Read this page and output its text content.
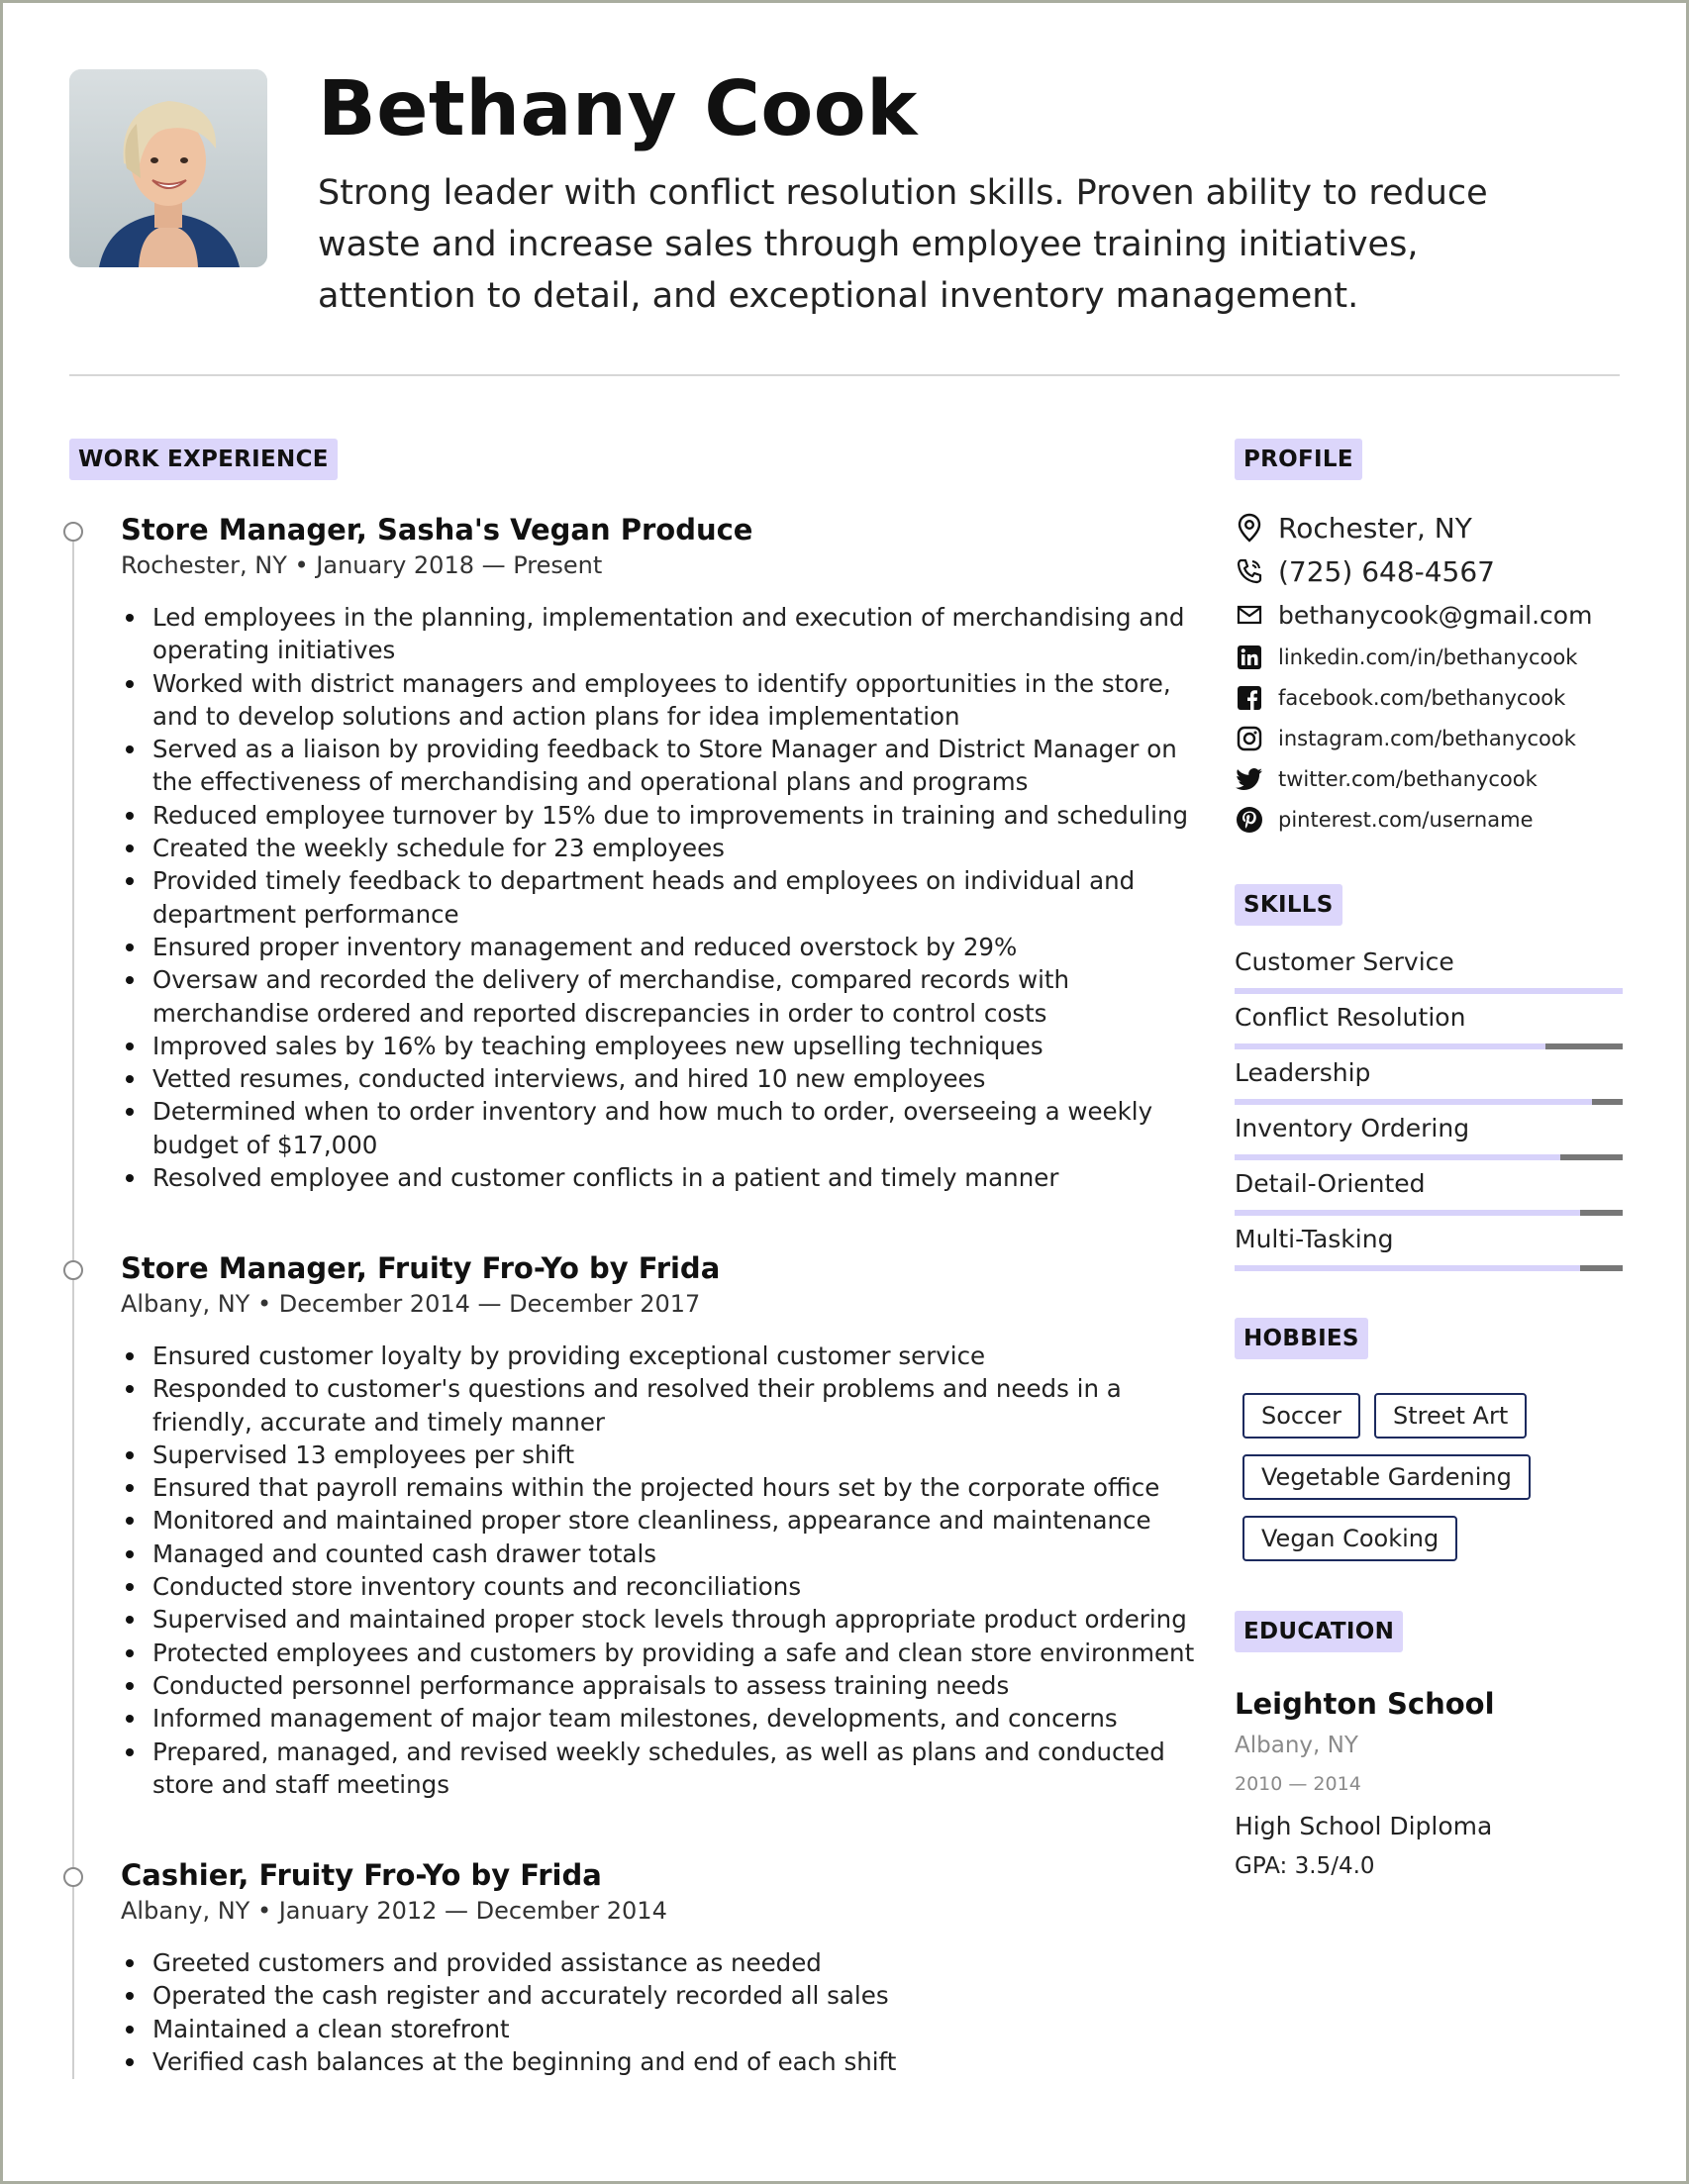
Bethany Cook

Strong leader with conflict resolution skills. Proven ability to reduce waste and increase sales through employee training initiatives, attention to detail, and exceptional inventory management.

WORK EXPERIENCE
Store Manager, Sasha's Vegan Produce
Rochester, NY • January 2018 — Present
Led employees in the planning, implementation and execution of merchandising and operating initiatives
Worked with district managers and employees to identify opportunities in the store, and to develop solutions and action plans for idea implementation
Served as a liaison by providing feedback to Store Manager and District Manager on the effectiveness of merchandising and operational plans and programs
Reduced employee turnover by 15% due to improvements in training and scheduling
Created the weekly schedule for 23 employees
Provided timely feedback to department heads and employees on individual and department performance
Ensured proper inventory management and reduced overstock by 29%
Oversaw and recorded the delivery of merchandise, compared records with merchandise ordered and reported discrepancies in order to control costs
Improved sales by 16% by teaching employees new upselling techniques
Vetted resumes, conducted interviews, and hired 10 new employees
Determined when to order inventory and how much to order, overseeing a weekly budget of $17,000
Resolved employee and customer conflicts in a patient and timely manner
Store Manager, Fruity Fro-Yo by Frida
Albany, NY • December 2014 — December 2017
Ensured customer loyalty by providing exceptional customer service
Responded to customer's questions and resolved their problems and needs in a friendly, accurate and timely manner
Supervised 13 employees per shift
Ensured that payroll remains within the projected hours set by the corporate office
Monitored and maintained proper store cleanliness, appearance and maintenance
Managed and counted cash drawer totals
Conducted store inventory counts and reconciliations
Supervised and maintained proper stock levels through appropriate product ordering
Protected employees and customers by providing a safe and clean store environment
Conducted personnel performance appraisals to assess training needs
Informed management of major team milestones, developments, and concerns
Prepared, managed, and revised weekly schedules, as well as plans and conducted store and staff meetings
Cashier, Fruity Fro-Yo by Frida
Albany, NY • January 2012 — December 2014
Greeted customers and provided assistance as needed
Operated the cash register and accurately recorded all sales
Maintained a clean storefront
Verified cash balances at the beginning and end of each shift
PROFILE
Rochester, NY
(725) 648-4567
bethanycook@gmail.com
linkedin.com/in/bethanycook
facebook.com/bethanycook
instagram.com/bethanycook
twitter.com/bethanycook
pinterest.com/username
SKILLS
Customer Service
Conflict Resolution
Leadership
Inventory Ordering
Detail-Oriented
Multi-Tasking
HOBBIES
Soccer	Street Art
Vegetable Gardening
Vegan Cooking
EDUCATION
Leighton School
Albany, NY
2010 — 2014
High School Diploma
GPA: 3.5/4.0
